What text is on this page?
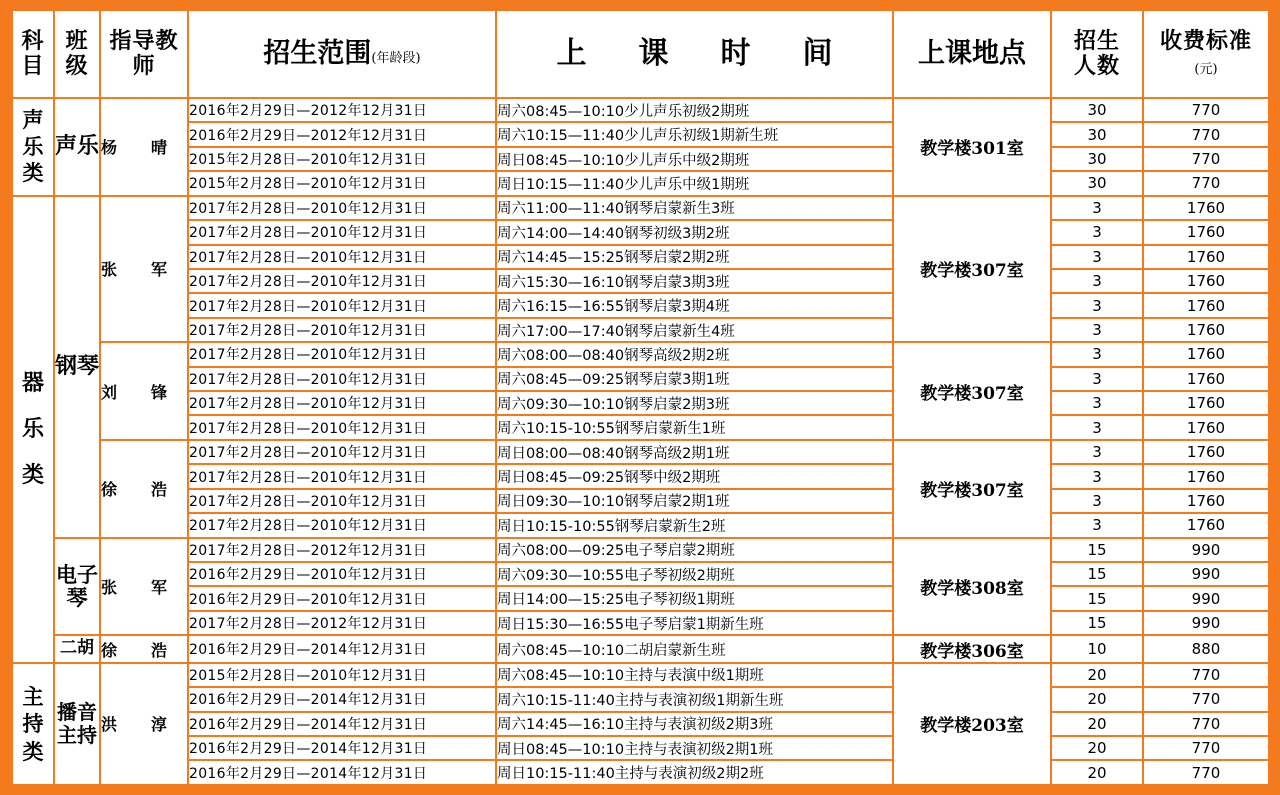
科目	班级	指导教师	招生范围(年龄段)	上课时间	上课地点	招生人数	收费标准(元)
声乐类	声乐	杨晴	2016年2月29日—2012年12月31日	周六08:45—10:10少儿声乐初级2期班	教学楼301室	30	770
			2016年2月29日—2012年12月31日	周六10:15—11:40少儿声乐初级1期新生班		30	770
			2015年2月28日—2010年12月31日	周日08:45—10:10少儿声乐中级2期班		30	770
			2015年2月28日—2010年12月31日	周日10:15—11:40少儿声乐中级1期班		30	770
器乐类	钢琴	张军	2017年2月28日—2010年12月31日	周六11:00—11:40钢琴启蒙新生3班	教学楼307室	3	1760
			2017年2月28日—2010年12月31日	周六14:00—14:40钢琴初级3期2班		3	1760
			2017年2月28日—2010年12月31日	周六14:45—15:25钢琴启蒙2期2班		3	1760
			2017年2月28日—2010年12月31日	周六15:30—16:10钢琴启蒙3期3班		3	1760
			2017年2月28日—2010年12月31日	周六16:15—16:55钢琴启蒙3期4班		3	1760
			2017年2月28日—2010年12月31日	周六17:00—17:40钢琴启蒙新生4班		3	1760
		刘锋	2017年2月28日—2010年12月31日	周六08:00—08:40钢琴高级2期2班	教学楼307室	3	1760
			2017年2月28日—2010年12月31日	周六08:45—09:25钢琴启蒙3期1班		3	1760
			2017年2月28日—2010年12月31日	周六09:30—10:10钢琴启蒙2期3班		3	1760
			2017年2月28日—2010年12月31日	周六10:15-10:55钢琴启蒙新生1班		3	1760
		徐浩	2017年2月28日—2010年12月31日	周日08:00—08:40钢琴高级2期1班	教学楼307室	3	1760
			2017年2月28日—2010年12月31日	周日08:45—09:25钢琴中级2期班		3	1760
			2017年2月28日—2010年12月31日	周日09:30—10:10钢琴启蒙2期1班		3	1760
			2017年2月28日—2010年12月31日	周日10:15-10:55钢琴启蒙新生2班		3	1760
	电子琴	张军	2017年2月28日—2012年12月31日	周六08:00—09:25电子琴启蒙2期班	教学楼308室	15	990
			2016年2月29日—2010年12月31日	周六09:30—10:55电子琴初级2期班		15	990
			2016年2月29日—2010年12月31日	周日14:00—15:25电子琴初级1期班		15	990
			2017年2月28日—2012年12月31日	周日15:30—16:55电子琴启蒙1期新生班		15	990
	二胡	徐浩	2016年2月29日—2014年12月31日	周六08:45—10:10二胡启蒙新生班	教学楼306室	10	880
主持类	播音主持	洪淳	2015年2月28日—2010年12月31日	周六08:45—10:10主持与表演中级1期班	教学楼203室	20	770
			2016年2月29日—2014年12月31日	周六10:15-11:40主持与表演初级1期新生班		20	770
			2016年2月29日—2014年12月31日	周六14:45—16:10主持与表演初级2期3班		20	770
			2016年2月29日—2014年12月31日	周日08:45—10:10主持与表演初级2期1班		20	770
			2016年2月29日—2014年12月31日	周日10:15-11:40主持与表演初级2期2班		20	770
